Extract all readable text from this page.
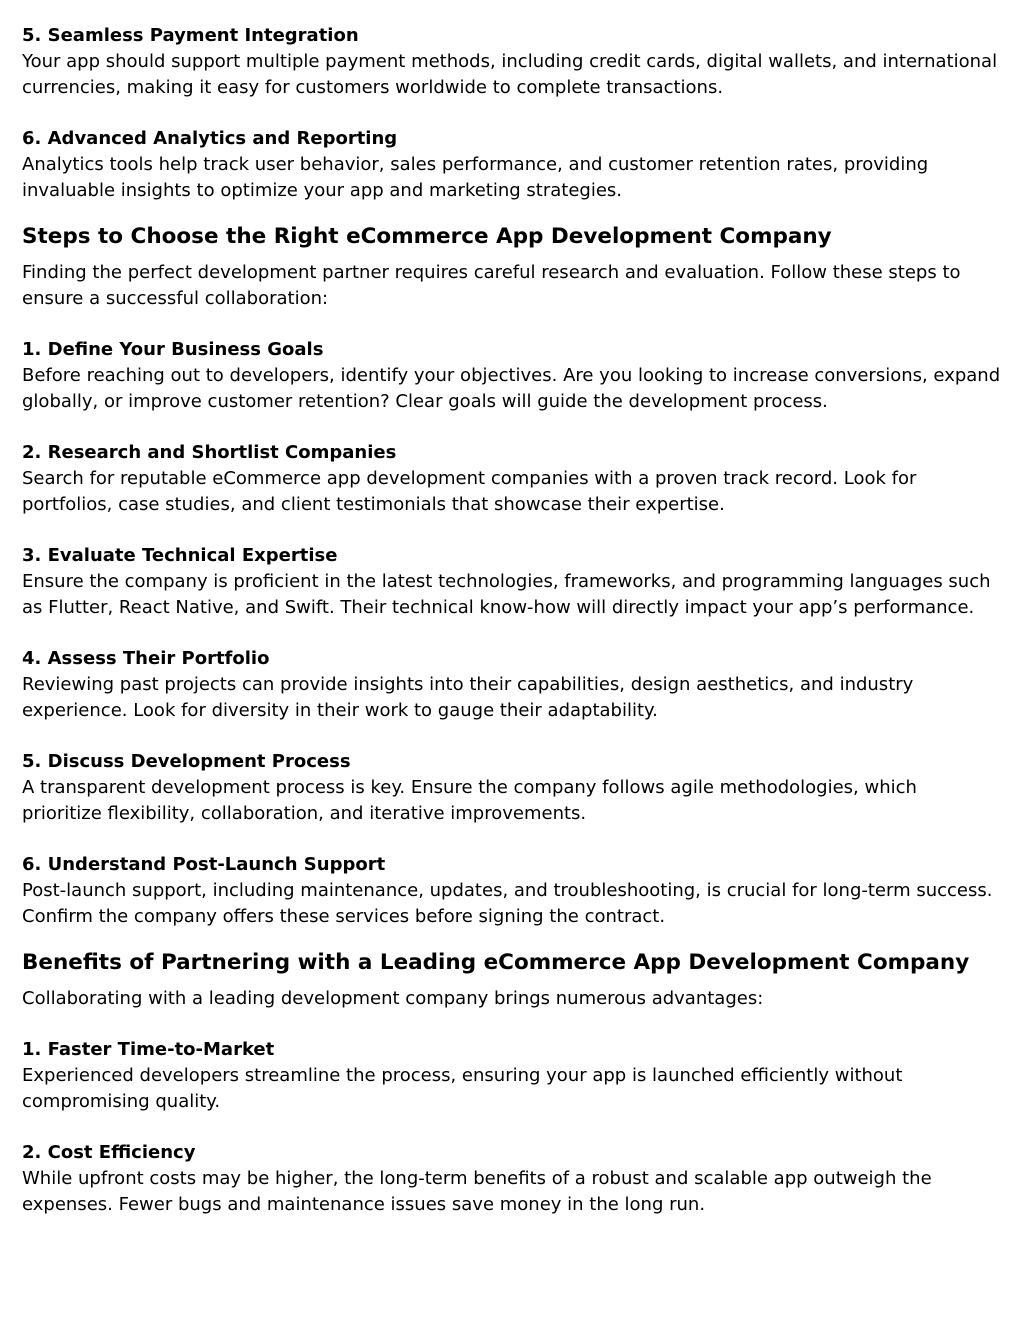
5. Seamless Payment Integration

Your app should support multiple payment methods, including credit cards, digital wallets, and international currencies, making it easy for customers worldwide to complete transactions.

6. Advanced Analytics and Reporting

Analytics tools help track user behavior, sales performance, and customer retention rates, providing invaluable insights to optimize your app and marketing strategies.

Steps to Choose the Right eCommerce App Development Company

Finding the perfect development partner requires careful research and evaluation. Follow these steps to ensure a successful collaboration:

1. Define Your Business Goals

Before reaching out to developers, identify your objectives. Are you looking to increase conversions, expand globally, or improve customer retention? Clear goals will guide the development process.

2. Research and Shortlist Companies

Search for reputable eCommerce app development companies with a proven track record. Look for portfolios, case studies, and client testimonials that showcase their expertise.

3. Evaluate Technical Expertise

Ensure the company is proficient in the latest technologies, frameworks, and programming languages such as Flutter, React Native, and Swift. Their technical know-how will directly impact your app’s performance.

4. Assess Their Portfolio

Reviewing past projects can provide insights into their capabilities, design aesthetics, and industry experience. Look for diversity in their work to gauge their adaptability.

5. Discuss Development Process

A transparent development process is key. Ensure the company follows agile methodologies, which prioritize flexibility, collaboration, and iterative improvements.

6. Understand Post-Launch Support

Post-launch support, including maintenance, updates, and troubleshooting, is crucial for long-term success. Confirm the company offers these services before signing the contract.

Benefits of Partnering with a Leading eCommerce App Development Company

Collaborating with a leading development company brings numerous advantages:

1. Faster Time-to-Market

Experienced developers streamline the process, ensuring your app is launched efficiently without compromising quality.

2. Cost Efficiency

While upfront costs may be higher, the long-term benefits of a robust and scalable app outweigh the expenses. Fewer bugs and maintenance issues save money in the long run.
